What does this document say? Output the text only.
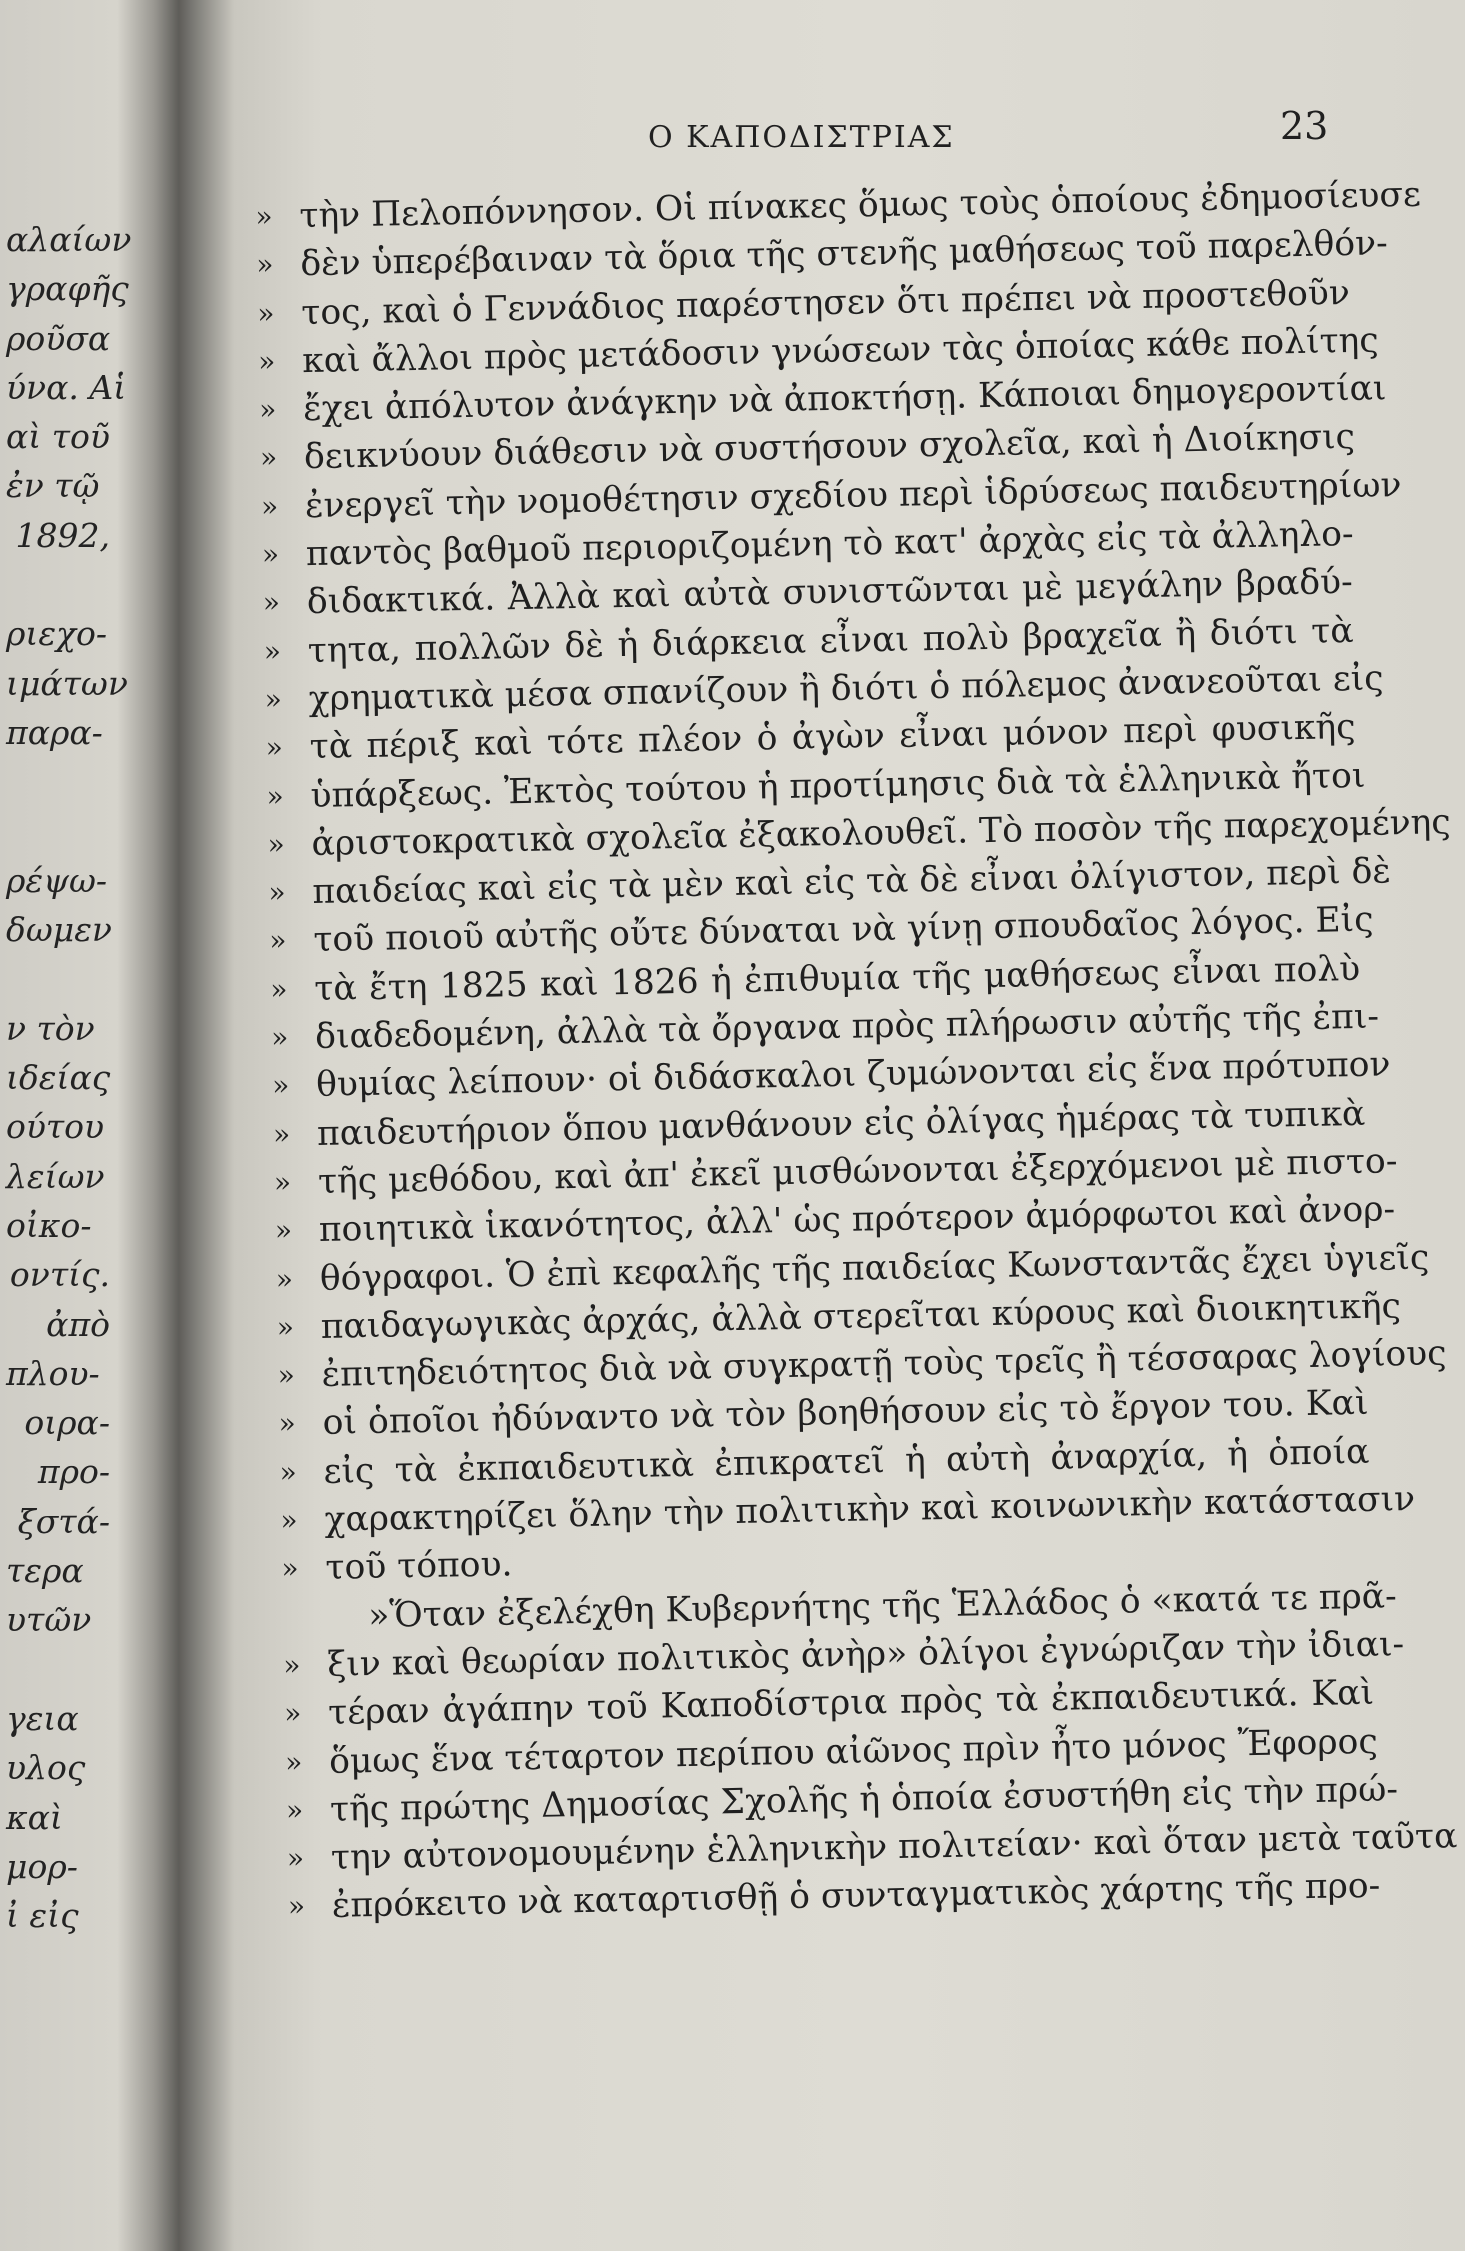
αλαίων
γραφῆς
ροῦσα
ύνα. Αἱ
αὶ τοῦ
ἐν τῷ
1892,
ριεχο-
ιμάτων
παρα-
ρέψω-
δωμεν
ν τὸν
ιδείας
ούτου
λείων
οἰκο-
οντίς.
ἀπὸ
πλου-
οιρα-
προ-
ξστά-
τερα
υτῶν
γεια
υλος
καὶ
μορ-
ἰ εἰς
Ο ΚΑΠΟΔΙΣΤΡΙΑΣ	23
» τὴν Πελοπόννησον. Οἱ πίνακες ὅμως τοὺς ὁποίους ἐδημοσίευσε
» δὲν ὑπερέβαιναν τὰ ὅρια τῆς στενῆς μαθήσεως τοῦ παρελθόν-
» τος, καὶ ὁ Γεννάδιος παρέστησεν ὅτι πρέπει νὰ προστεθοῦν
» καὶ ἄλλοι πρὸς μετάδοσιν γνώσεων τὰς ὁποίας κάθε πολίτης
» ἔχει ἀπόλυτον ἀνάγκην νὰ ἀποκτήσῃ. Κάποιαι δημογεροντίαι
» δεικνύουν διάθεσιν νὰ συστήσουν σχολεῖα, καὶ ἡ Διοίκησις
» ἐνεργεῖ τὴν νομοθέτησιν σχεδίου περὶ ἱδρύσεως παιδευτηρίων
» παντὸς βαθμοῦ περιοριζομένη τὸ κατ' ἀρχὰς εἰς τὰ ἀλληλο-
» διδακτικά. Ἀλλὰ καὶ αὐτὰ συνιστῶνται μὲ μεγάλην βραδύ-
» τητα, πολλῶν δὲ ἡ διάρκεια εἶναι πολὺ βραχεῖα ἢ διότι τὰ
» χρηματικὰ μέσα σπανίζουν ἢ διότι ὁ πόλεμος ἀνανεοῦται εἰς
» τὰ πέριξ καὶ τότε πλέον ὁ ἀγὼν εἶναι μόνον περὶ φυσικῆς
» ὑπάρξεως. Ἐκτὸς τούτου ἡ προτίμησις διὰ τὰ ἑλληνικὰ ἤτοι
» ἀριστοκρατικὰ σχολεῖα ἐξακολουθεῖ. Τὸ ποσὸν τῆς παρεχομένης
» παιδείας καὶ εἰς τὰ μὲν καὶ εἰς τὰ δὲ εἶναι ὀλίγιστον, περὶ δὲ
» τοῦ ποιοῦ αὐτῆς οὔτε δύναται νὰ γίνῃ σπουδαῖος λόγος. Εἰς
» τὰ ἔτη 1825 καὶ 1826 ἡ ἐπιθυμία τῆς μαθήσεως εἶναι πολὺ
» διαδεδομένη, ἀλλὰ τὰ ὄργανα πρὸς πλήρωσιν αὐτῆς τῆς ἐπι-
» θυμίας λείπουν· οἱ διδάσκαλοι ζυμώνονται εἰς ἕνα πρότυπον
» παιδευτήριον ὅπου μανθάνουν εἰς ὀλίγας ἡμέρας τὰ τυπικὰ
» τῆς μεθόδου, καὶ ἀπ' ἐκεῖ μισθώνονται ἐξερχόμενοι μὲ πιστο-
» ποιητικὰ ἱκανότητος, ἀλλ' ὡς πρότερον ἀμόρφωτοι καὶ ἀνορ-
» θόγραφοι. Ὁ ἐπὶ κεφαλῆς τῆς παιδείας Κωνσταντᾶς ἔχει ὑγιεῖς
» παιδαγωγικὰς ἀρχάς, ἀλλὰ στερεῖται κύρους καὶ διοικητικῆς
» ἐπιτηδειότητος διὰ νὰ συγκρατῇ τοὺς τρεῖς ἢ τέσσαρας λογίους
» οἱ ὁποῖοι ἠδύναντο νὰ τὸν βοηθήσουν εἰς τὸ ἔργον του. Καὶ
» εἰς τὰ ἐκπαιδευτικὰ ἐπικρατεῖ ἡ αὐτὴ ἀναρχία, ἡ ὁποία
» χαρακτηρίζει ὅλην τὴν πολιτικὴν καὶ κοινωνικὴν κατάστασιν
» τοῦ τόπου.
»Ὅταν ἐξελέχθη Κυβερνήτης τῆς Ἑλλάδος ὁ «κατά τε πρᾶ-
» ξιν καὶ θεωρίαν πολιτικὸς ἀνὴρ» ὀλίγοι ἐγνώριζαν τὴν ἰδιαι-
» τέραν ἀγάπην τοῦ Καποδίστρια πρὸς τὰ ἐκπαιδευτικά. Καὶ
» ὅμως ἕνα τέταρτον περίπου αἰῶνος πρὶν ἦτο μόνος Ἔφορος
» τῆς πρώτης Δημοσίας Σχολῆς ἡ ὁποία ἐσυστήθη εἰς τὴν πρώ-
» την αὐτονομουμένην ἑλληνικὴν πολιτείαν· καὶ ὅταν μετὰ ταῦτα
» ἐπρόκειτο νὰ καταρτισθῇ ὁ συνταγματικὸς χάρτης τῆς προ-
